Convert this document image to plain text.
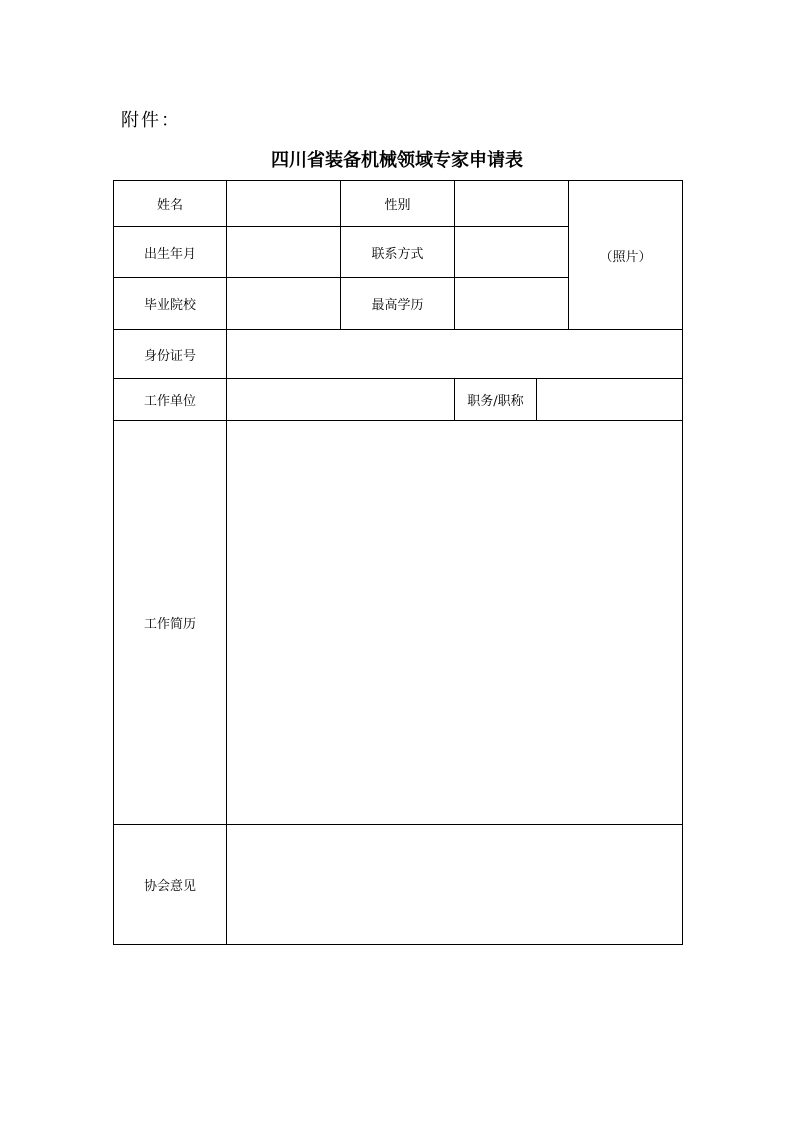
附件：
四川省装备机械领域专家申请表
姓名		性别			（照片）
出生年月		联系方式			
毕业院校		最高学历			
身份证号					
工作单位			职务/职称		
工作简历					
协会意见					
